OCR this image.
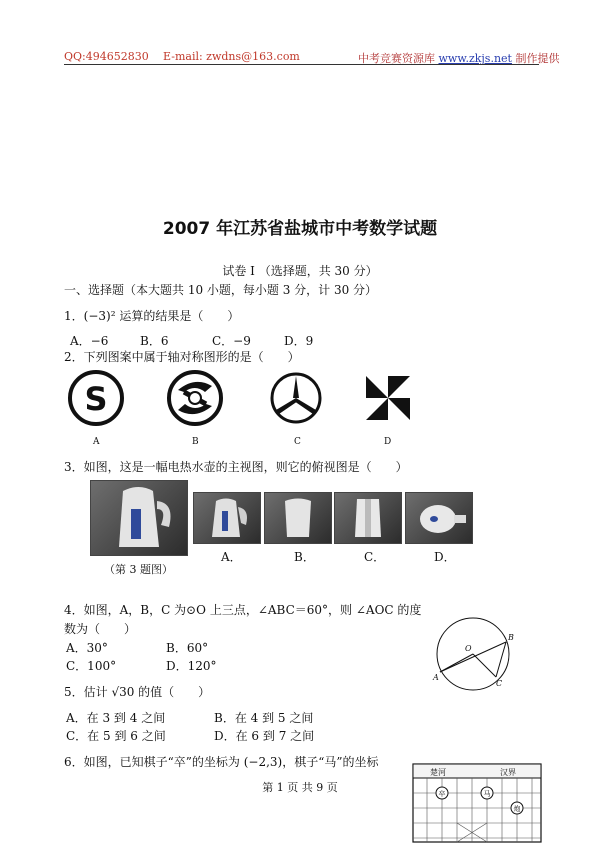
QQ:494652830 E-mail: zwdns@163.com	中考竞赛资源库 www.zkjs.net 制作提供
2007 年江苏省盐城市中考数学试题
试卷 I （选择题，共 30 分）
一、选择题（本大题共 10 小题，每小题 3 分，计 30 分）
1．(−3)² 运算的结果是（　　）
A．−6	B．6	C．−9	D．9
2．下列图案中属于轴对称图形的是（　　）
S
A	B	C	D
3．如图，这是一幅电热水壶的主视图，则它的俯视图是（　　）
（第 3 题图）
A．	B．	C．	D．
4．如图，A，B，C 为⊙O 上三点，∠ABC＝60°，则 ∠AOC 的度
数为（　　）
A．30°	B．60°
C．100°	D．120°
O
B
A
C
5．估计 √30 的值（　　）
A．在 3 到 4 之间	B．在 4 到 5 之间
C．在 5 到 6 之间	D．在 6 到 7 之间
6．如图，已知棋子“卒”的坐标为 (−2,3)，棋子“马”的坐标
楚河	汉界
卒	马
炮
第 1 页 共 9 页
